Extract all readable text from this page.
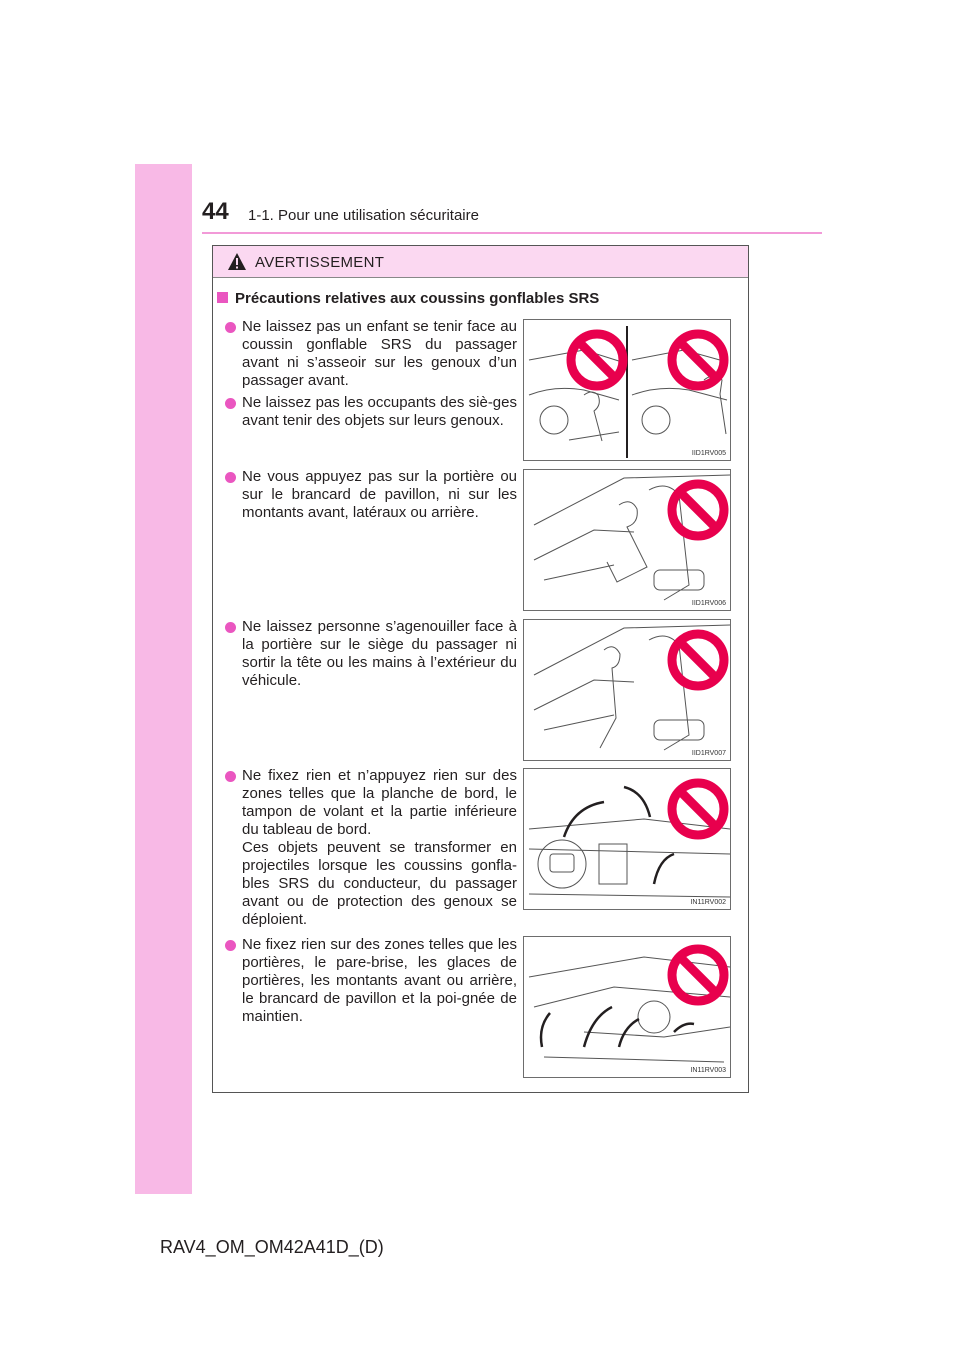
44 1-1. Pour une utilisation sécuritaire
AVERTISSEMENT
Précautions relatives aux coussins gonflables SRS
Ne laissez pas un enfant se tenir face au coussin gonflable SRS du passager avant ni s’asseoir sur les genoux d’un passager avant.
Ne laissez pas les occupants des siè-ges avant tenir des objets sur leurs genoux.
Ne vous appuyez pas sur la portière ou sur le brancard de pavillon, ni sur les montants avant, latéraux ou arrière.
Ne laissez personne s’agenouiller face à la portière sur le siège du passager ni sortir la tête ou les mains à l’extérieur du véhicule.
Ne fixez rien et n’appuyez rien sur des zones telles que la planche de bord, le tampon de volant et la partie inférieure du tableau de bord.
Ces objets peuvent se transformer en projectiles lorsque les coussins gonfla-bles SRS du conducteur, du passager avant ou de protection des genoux se déploient.
Ne fixez rien sur des zones telles que les portières, le pare-brise, les glaces de portières, les montants avant ou arrière, le brancard de pavillon et la poi-gnée de maintien.
IID1RV005
IID1RV006
IID1RV007
IN11RV002
IN11RV003
RAV4_OM_OM42A41D_(D)
